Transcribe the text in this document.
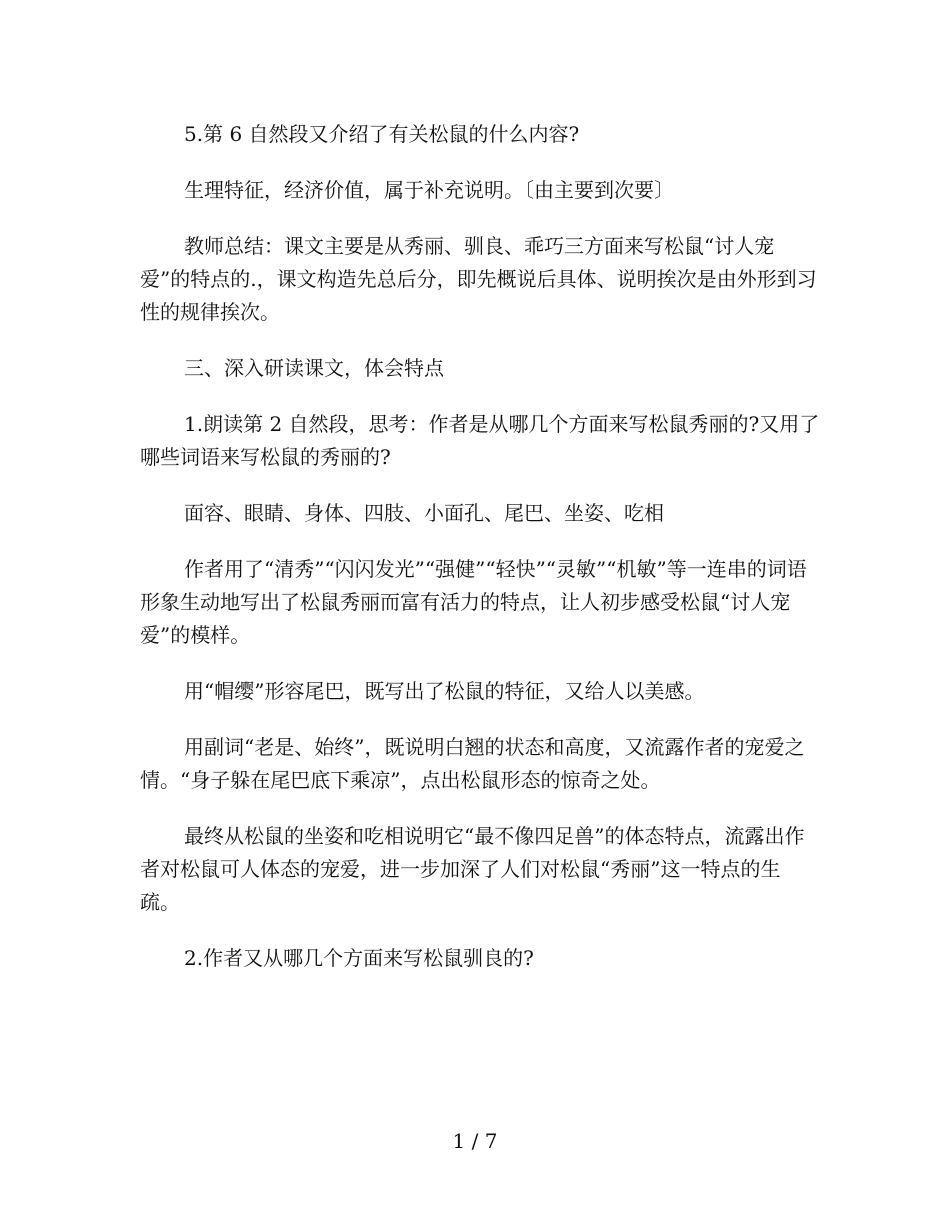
5.第 6 自然段又介绍了有关松鼠的什么内容?

生理特征，经济价值，属于补充说明。〔由主要到次要〕

教师总结：课文主要是从秀丽、驯良、乖巧三方面来写松鼠“讨人宠爱”的特点的.，课文构造先总后分，即先概说后具体、说明挨次是由外形到习性的规律挨次。

三、深入研读课文，体会特点

1.朗读第 2 自然段，思考：作者是从哪几个方面来写松鼠秀丽的?又用了哪些词语来写松鼠的秀丽的?

面容、眼睛、身体、四肢、小面孔、尾巴、坐姿、吃相

作者用了“清秀”“闪闪发光”“强健”“轻快”“灵敏”“机敏”等一连串的词语形象生动地写出了松鼠秀丽而富有活力的特点，让人初步感受松鼠“讨人宠爱”的模样。

用“帽缨”形容尾巴，既写出了松鼠的特征，又给人以美感。

用副词“老是、始终”，既说明白翘的状态和高度，又流露作者的宠爱之情。“身子躲在尾巴底下乘凉”，点出松鼠形态的惊奇之处。

最终从松鼠的坐姿和吃相说明它“最不像四足兽”的体态特点，流露出作者对松鼠可人体态的宠爱，进一步加深了人们对松鼠“秀丽”这一特点的生疏。

2.作者又从哪几个方面来写松鼠驯良的?

1 / 7
